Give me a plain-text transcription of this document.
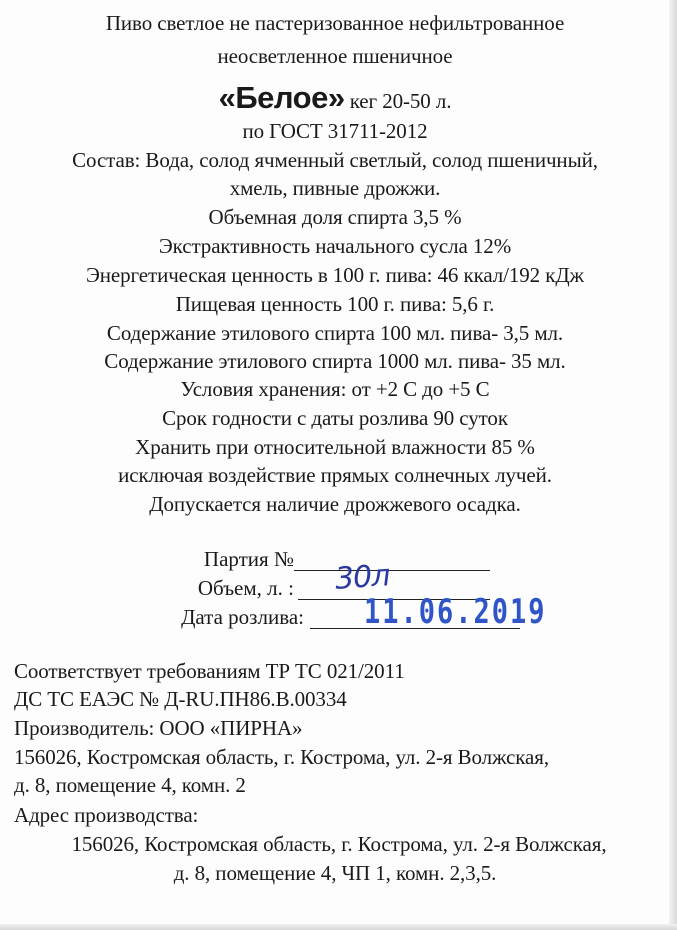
Пиво светлое не пастеризованное нефильтрованное
неосветленное пшеничное
«Белое» кег 20-50 л.
по ГОСТ 31711-2012
Состав: Вода, солод ячменный светлый, солод пшеничный,
хмель, пивные дрожжи.
Объемная доля спирта 3,5 %
Экстрактивность начального сусла 12%
Энергетическая ценность в 100 г. пива: 46 ккал/192 кДж
Пищевая ценность 100 г. пива: 5,6 г.
Содержание этилового спирта 100 мл. пива- 3,5 мл.
Содержание этилового спирта 1000 мл. пива- 35 мл.
Условия хранения: от +2 С до +5 С
Срок годности с даты розлива 90 суток
Хранить при относительной влажности 85 %
исключая воздействие прямых солнечных лучей.
Допускается наличие дрожжевого осадка.
Партия №
Объем, л. : 30л
Дата розлива: 11.06.2019
Соответствует требованиям ТР ТС 021/2011
ДС ТС ЕАЭС № Д-RU.ПН86.В.00334
Производитель: ООО «ПИРНА»
156026, Костромская область, г. Кострома, ул. 2-я Волжская,
д. 8, помещение 4, комн. 2
Адрес производства:
156026, Костромская область, г. Кострома, ул. 2-я Волжская,
д. 8, помещение 4, ЧП 1, комн. 2,3,5.
